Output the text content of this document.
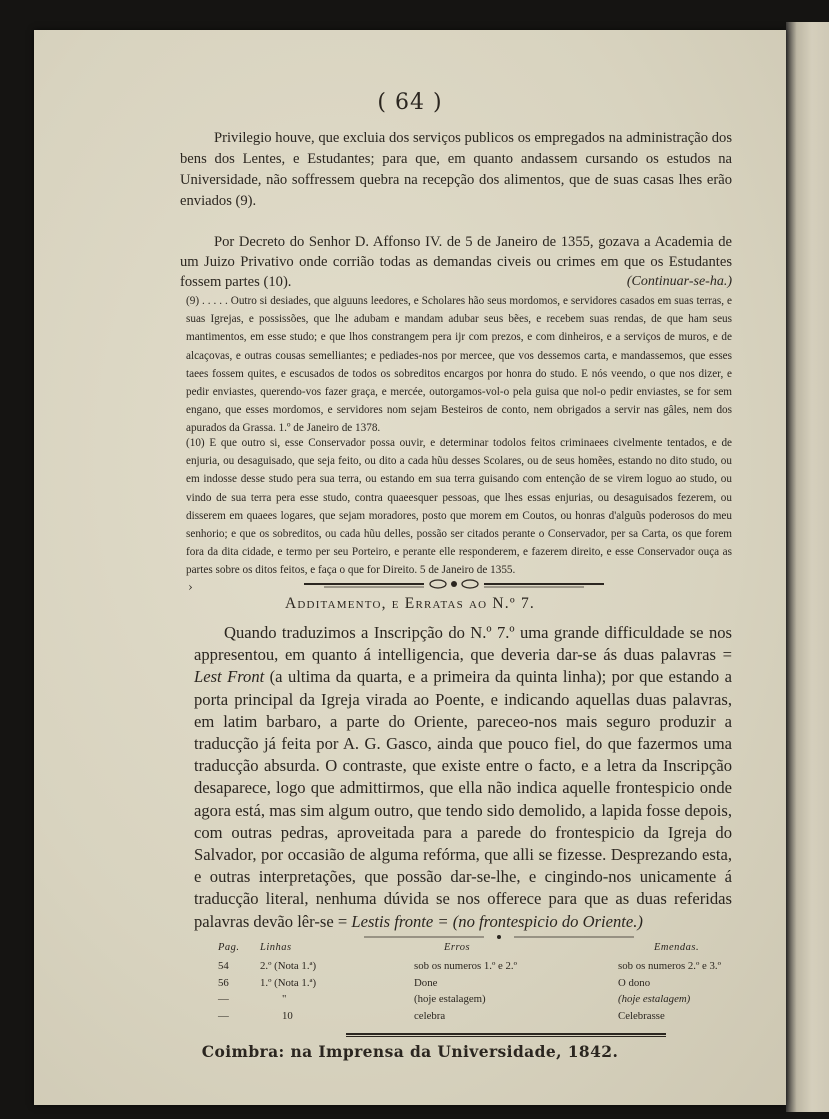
( 64 )

Privilegio houve, que excluia dos serviços publicos os empregados na administração dos bens dos Lentes, e Estudantes; para que, em quanto andassem cursando os estudos na Universidade, não soffressem quebra na recepção dos alimentos, que de suas casas lhes erão enviados (9).

Por Decreto do Senhor D. Affonso IV. de 5 de Janeiro de 1355, gozava a Academia de um Juizo Privativo onde corrião todas as demandas civeis ou crimes em que os Estudantes fossem partes (10).	(Continuar-se-ha.)

(9) . . . . . Outro si desiades, que alguuns leedores, e Scholares hão seus mordomos, e servidores casados em suas terras, e suas Igrejas, e possissões, que lhe adubam e mandam adubar seus bẽes, e recebem suas rendas, de que ham seus mantimentos, em esse studo; e que lhos constrangem pera ijr com prezos, e com dinheiros, e a serviços de muros, e de alcaçovas, e outras cousas semelliantes; e pediades-nos por mercee, que vos dessemos carta, e mandassemos, que esses taees fossem quites, e escusados de todos os sobreditos encargos por honra do studo. E nós veendo, o que nos dizer, e pedir enviastes, querendo-vos fazer graça, e mercée, outorgamos-vol-o pela guisa que nol-o pedir enviastes, se for sem engano, que esses mordomos, e servidores nom sejam Besteiros de conto, nem obrigados a servir nas gâles, nem dos apurados da Grassa. 1.º de Janeiro de 1378.

(10) E que outro si, esse Conservador possa ouvir, e determinar todolos feitos criminaees civelmente tentados, e de enjuria, ou desaguisado, que seja feito, ou dito a cada hũu desses Scolares, ou de seus homẽes, estando no dito studo, ou em indosse desse studo pera sua terra, ou estando em sua terra guisando com entenção de se virem loguo ao studo, ou vindo de sua terra pera esse studo, contra quaeesquer pessoas, que lhes essas enjurias, ou desaguisados fezerem, ou disserem em quaees logares, que sejam moradores, posto que morem em Coutos, ou honras d'alguũs poderosos do meu senhorio; e que os sobreditos, ou cada hũu delles, possão ser citados perante o Conservador, per sa Carta, os que forem fora da dita cidade, e termo per seu Porteiro, e perante elle responderem, e fazerem direito, e esse Conservador ouça as partes sobre os ditos feitos, e faça o que for Direito. 5 de Janeiro de 1355.

›
Additamento, e Erratas ao N.º 7.

Quando traduzimos a Inscripção do N.º 7.º uma grande difficuldade se nos appresentou, em quanto á intelligencia, que deveria dar-se ás duas palavras = Lest Front (a ultima da quarta, e a primeira da quinta linha); por que estando a porta principal da Igreja virada ao Poente, e indicando aquellas duas palavras, em latim barbaro, a parte do Oriente, pareceo-nos mais seguro produzir a traducção já feita por A. G. Gasco, ainda que pouco fiel, do que fazermos uma traducção absurda. O contraste, que existe entre o facto, e a letra da Inscripção desaparece, logo que admittirmos, que ella não indica aquelle frontespicio onde agora está, mas sim algum outro, que tendo sido demolido, a lapida fosse depois, com outras pedras, aproveitada para a parede do frontespicio da Igreja do Salvador, por occasião de alguma refórma, que alli se fizesse. Desprezando esta, e outras interpretações, que possão dar-se-lhe, e cingindo-nos unicamente á traducção literal, nenhuma dúvida se nos offerece para que as duas referidas palavras devão lêr-se = Lestis fronte = (no frontespicio do Oriente.)

Pag.
54
56
—
—
Linhas
2.º (Nota 1.ª)
1.º (Nota 1.ª)
"
10
Erros
sob os numeros 1.º e 2.º
Done
(hoje estalagem)
celebra
Emendas.
sob os numeros 2.º e 3.º
O dono
(hoje estalagem)
Celebrasse
Coimbra: na Imprensa da Universidade, 1842.
